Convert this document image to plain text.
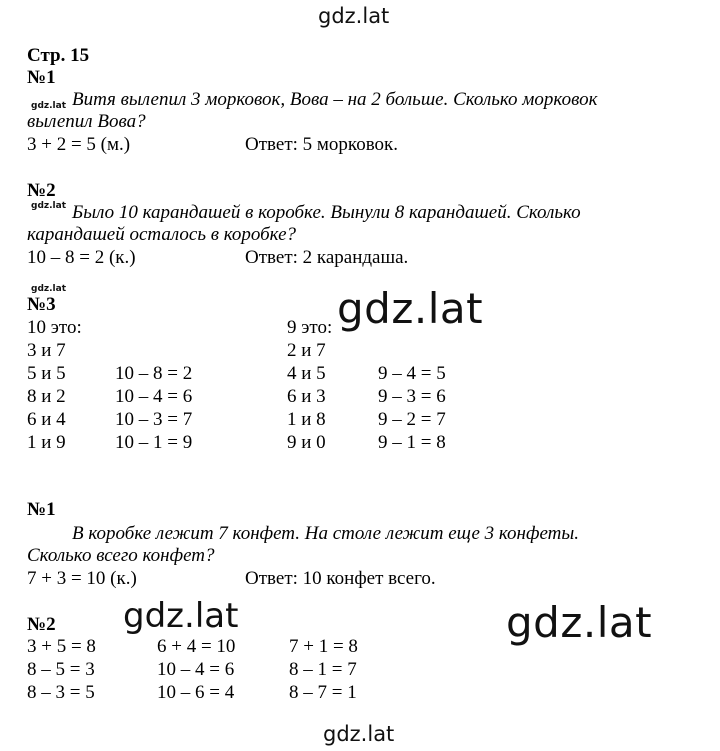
gdz.lat
Стр. 15
№1
gdz.lat Витя вылепил 3 морковок, Вова – на 2 больше. Сколько морковок
вылепил Вова?
3 + 2 = 5 (м.)	Ответ: 5 морковок.
№2
gdz.lat Было 10 карандашей в коробке. Вынули 8 карандашей. Сколько
карандашей осталось в коробке?
10 – 8 = 2 (к.)	Ответ: 2 карандаша.
gdz.lat
№3	gdz.lat
10 это:	9 это:
3 и 7	2 и 7
5 и 5	10 – 8 = 2	4 и 5	9 – 4 = 5
8 и 2	10 – 4 = 6	6 и 3	9 – 3 = 6
6 и 4	10 – 3 = 7	1 и 8	9 – 2 = 7
1 и 9	10 – 1 = 9	9 и 0	9 – 1 = 8
№1
В коробке лежит 7 конфет. На столе лежит еще 3 конфеты.
Сколько всего конфет?
7 + 3 = 10 (к.)	Ответ: 10 конфет всего.
№2 gdz.lat	gdz.lat
3 + 5 = 8	6 + 4 = 10	7 + 1 = 8
8 – 5 = 3	10 – 4 = 6	8 – 1 = 7
8 – 3 = 5	10 – 6 = 4	8 – 7 = 1
gdz.lat
